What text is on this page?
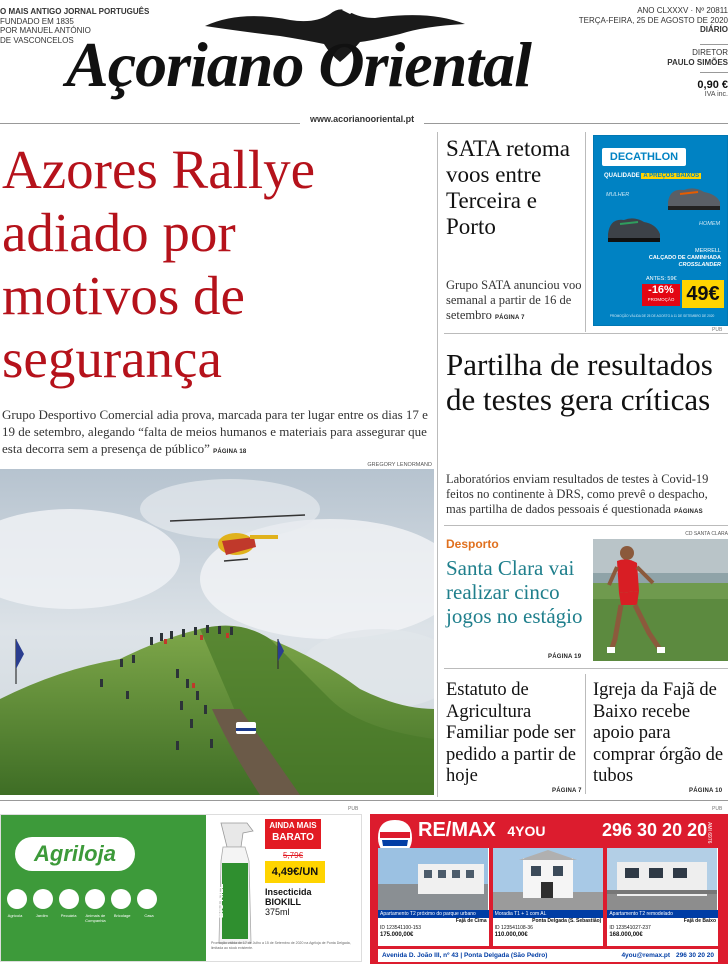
O MAIS ANTIGO JORNAL PORTUGUÊS
FUNDADO EM 1835
POR MANUEL ANTÓNIO
DE VASCONCELOS
Açoriano Oriental
ANO CLXXXV · Nº 20811
TERÇA-FEIRA, 25 DE AGOSTO DE 2020
DIÁRIO
DIRETOR
PAULO SIMÕES
0,90 €
IVA inc.
www.acorianooriental.pt
Azores Rallye adiado por motivos de segurança
Grupo Desportivo Comercial adia prova, marcada para ter lugar entre os dias 17 e 19 de setembro, alegando “falta de meios humanos e materiais para assegurar que esta decorra sem a presença de público” PÁGINA 18
GREGORY LENORMAND
SATA retoma voos entre Terceira e Porto
Grupo SATA anunciou voo semanal a partir de 16 de setembro PÁGINA 7
DECATHLON
QUALIDADE A PREÇOS BAIXOS
MULHER
HOMEM
MERRELL
CALÇADO DE CAMINHADA
CROSSLANDER
ANTES: 59€
-16%
PROMOÇÃO 49€
PROMOÇÃO VÁLIDA DE 25 DE AGOSTO A 11 DE SETEMBRO DE 2020
PUB
Partilha de resultados de testes gera críticas
Laboratórios enviam resultados de testes à Covid-19 feitos no continente à DRS, como prevê o despacho, mas partilha de dados pessoais é questionada PÁGINAS
Desporto
Santa Clara vai realizar cinco jogos no estágio
PÁGINA 19
CD SANTA CLARA
Estatuto de Agricultura Familiar pode ser pedido a partir de hoje
PÁGINA 7
Igreja da Fajã de Baixo recebe apoio para comprar órgão de tubos
PÁGINA 10
PUB
Agriloja
Agrícola	Jardim	Pecuária	Animais de Companhia
Bricolage	Casa	BIO KILL
AINDA MAIS
BARATO
5,79€
4,49€/UN
Insecticida
BIOKILL
375ml
Promoção válida de 17 de Julho a 15 de Setembro de 2020 na Agriloja de Ponta Delgada, limitada ao stock existente.
PUB
RE/MAX 4YOU	296 30 20 20
AMI 6976
Apartamento T2 próximo do parque urbano
Fajã de Cima
ID 123541100-153
175.000,00€
Moradia T1 + 1 com AL
Ponta Delgada (S. Sebastião)
ID 123541108-36
110.000,00€
Apartamento T2 remodelado
Fajã de Baixo
ID 123541027-237
168.000,00€
Avenida D. João III, nº 43 | Ponta Delgada (São Pedro)	4you@remax.pt 296 30 20 20
